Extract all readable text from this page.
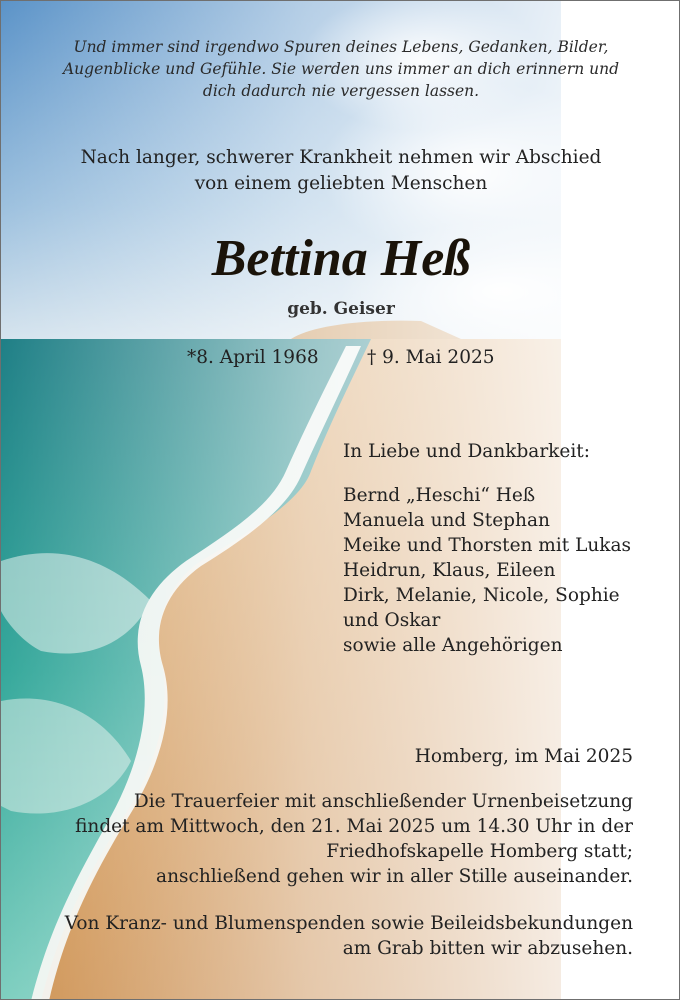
Und immer sind irgendwo Spuren deines Lebens, Gedanken, Bilder,
Augenblicke und Gefühle. Sie werden uns immer an dich erinnern und
dich dadurch nie vergessen lassen.
Nach langer, schwerer Krankheit nehmen wir Abschied
von einem geliebten Menschen
Bettina Heß
geb. Geiser
*8. April 1968	† 9. Mai 2025
In Liebe und Dankbarkeit:
Bernd „Heschi“ Heß
Manuela und Stephan
Meike und Thorsten mit Lukas
Heidrun, Klaus, Eileen
Dirk, Melanie, Nicole, Sophie
und Oskar
sowie alle Angehörigen
Homberg, im Mai 2025
Die Trauerfeier mit anschließender Urnenbeisetzung
findet am Mittwoch, den 21. Mai 2025 um 14.30 Uhr in der
Friedhofskapelle Homberg statt;
anschließend gehen wir in aller Stille auseinander.
Von Kranz- und Blumenspenden sowie Beileidsbekundungen
am Grab bitten wir abzusehen.
